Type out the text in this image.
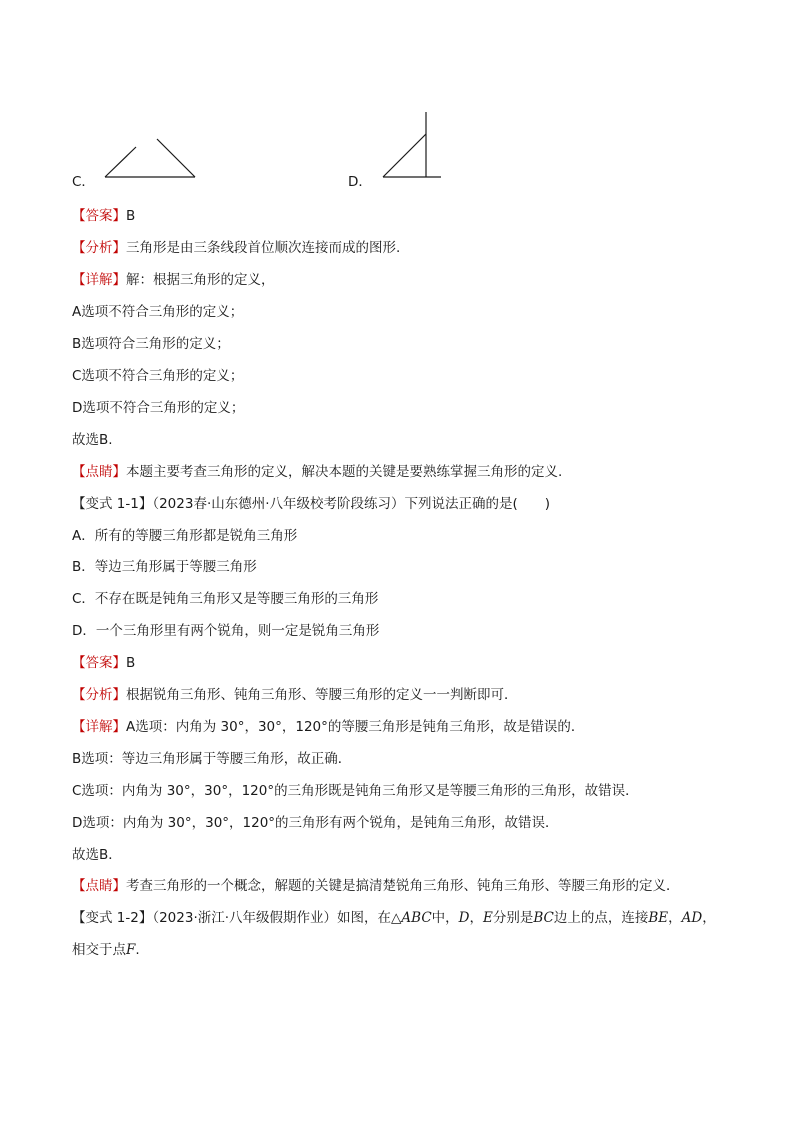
C．	D．
【答案】B
【分析】三角形是由三条线段首位顺次连接而成的图形.
【详解】解：根据三角形的定义，
A选项不符合三角形的定义；
B选项符合三角形的定义；
C选项不符合三角形的定义；
D选项不符合三角形的定义；
故选B.
【点睛】本题主要考查三角形的定义，解决本题的关键是要熟练掌握三角形的定义.
【变式 1-1】（2023春·山东德州·八年级校考阶段练习）下列说法正确的是(　　)
A．所有的等腰三角形都是锐角三角形
B．等边三角形属于等腰三角形
C．不存在既是钝角三角形又是等腰三角形的三角形
D．一个三角形里有两个锐角，则一定是锐角三角形
【答案】B
【分析】根据锐角三角形、钝角三角形、等腰三角形的定义一一判断即可．
【详解】A选项：内角为 30°，30°，120°的等腰三角形是钝角三角形，故是错误的．
B选项：等边三角形属于等腰三角形，故正确．
C选项：内角为 30°，30°，120°的三角形既是钝角三角形又是等腰三角形的三角形，故错误．
D选项：内角为 30°，30°，120°的三角形有两个锐角，是钝角三角形，故错误．
故选B．
【点睛】考查三角形的一个概念，解题的关键是搞清楚锐角三角形、钝角三角形、等腰三角形的定义．
【变式 1-2】（2023·浙江·八年级假期作业）如图，在△ABC中，D，E分别是BC边上的点，连接BE，AD，
相交于点F.
